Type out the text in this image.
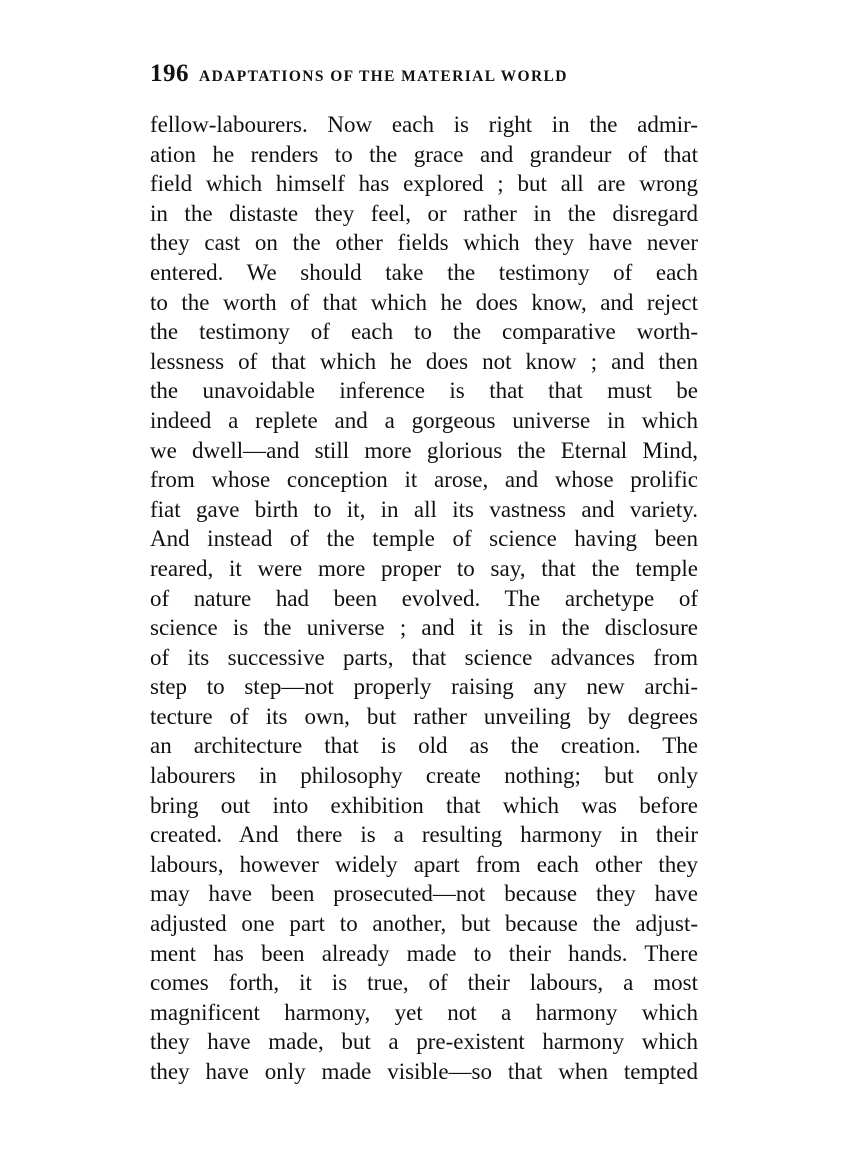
196 ADAPTATIONS OF THE MATERIAL WORLD
fellow-labourers. Now each is right in the admir-
ation he renders to the grace and grandeur of that
field which himself has explored ; but all are wrong
in the distaste they feel, or rather in the disregard
they cast on the other fields which they have never
entered. We should take the testimony of each
to the worth of that which he does know, and reject
the testimony of each to the comparative worth-
lessness of that which he does not know ; and then
the unavoidable inference is that that must be
indeed a replete and a gorgeous universe in which
we dwell—and still more glorious the Eternal Mind,
from whose conception it arose, and whose prolific
fiat gave birth to it, in all its vastness and variety.
And instead of the temple of science having been
reared, it were more proper to say, that the temple
of nature had been evolved. The archetype of
science is the universe ; and it is in the disclosure
of its successive parts, that science advances from
step to step—not properly raising any new archi-
tecture of its own, but rather unveiling by degrees
an architecture that is old as the creation. The
labourers in philosophy create nothing; but only
bring out into exhibition that which was before
created. And there is a resulting harmony in their
labours, however widely apart from each other they
may have been prosecuted—not because they have
adjusted one part to another, but because the adjust-
ment has been already made to their hands. There
comes forth, it is true, of their labours, a most
magnificent harmony, yet not a harmony which
they have made, but a pre-existent harmony which
they have only made visible—so that when tempted
